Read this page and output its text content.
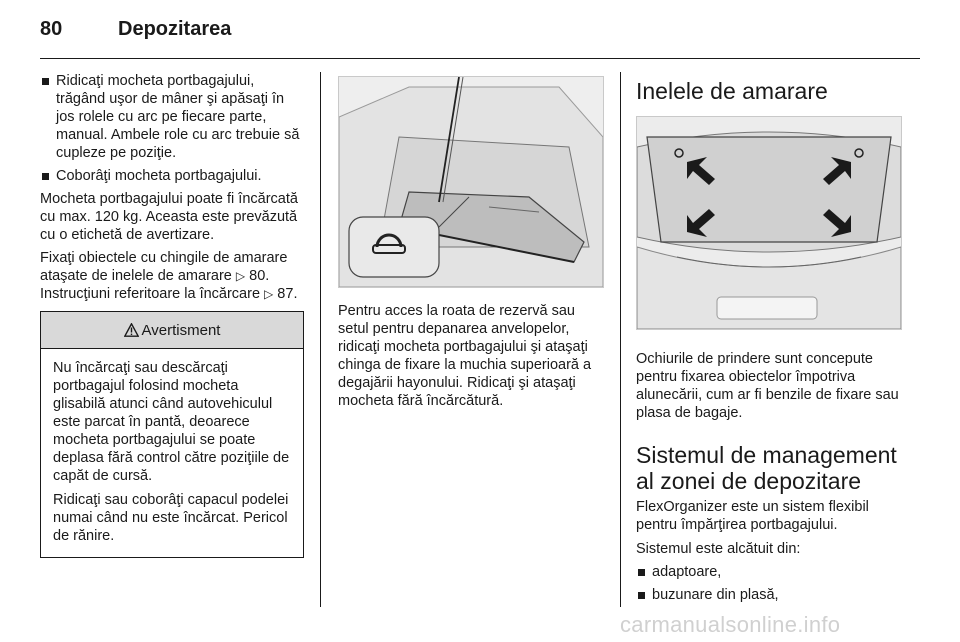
80	Depozitarea
Ridicaţi mocheta portbagajului, trăgând uşor de mâner şi apăsaţi în jos rolele cu arc pe fiecare parte, manual. Ambele role cu arc trebuie să cupleze pe poziţie.
Coborâţi mocheta portbagajului.

Mocheta portbagajului poate fi încărcată cu max. 120 kg. Aceasta este prevăzută cu o etichetă de avertizare.

Fixaţi obiectele cu chingile de amarare ataşate de inelele de amarare ▷ 80. Instrucţiuni referitoare la încărcare ▷ 87.

Avertisment

Nu încărcaţi sau descărcaţi portbagajul folosind mocheta glisabilă atunci când autovehiculul este parcat în pantă, deoarece mocheta portbagajului se poate deplasa fără control către poziţiile de capăt de cursă.

Ridicaţi sau coborâţi capacul podelei numai când nu este încărcat. Pericol de rănire.

Pentru acces la roata de rezervă sau setul pentru depanarea anvelopelor, ridicaţi mocheta portbagajului şi ataşaţi chinga de fixare la muchia superioară a degajării hayonului. Ridicaţi şi ataşaţi mocheta fără încărcătură.

Inelele de amarare

Ochiurile de prindere sunt concepute pentru fixarea obiectelor împotriva alunecării, cum ar fi benzile de fixare sau plasa de bagaje.

Sistemul de management al zonei de depozitare

FlexOrganizer este un sistem flexibil pentru împărţirea portbagajului.

Sistemul este alcătuit din:

adaptoare,
buzunare din plasă,
carmanualsonline.info
